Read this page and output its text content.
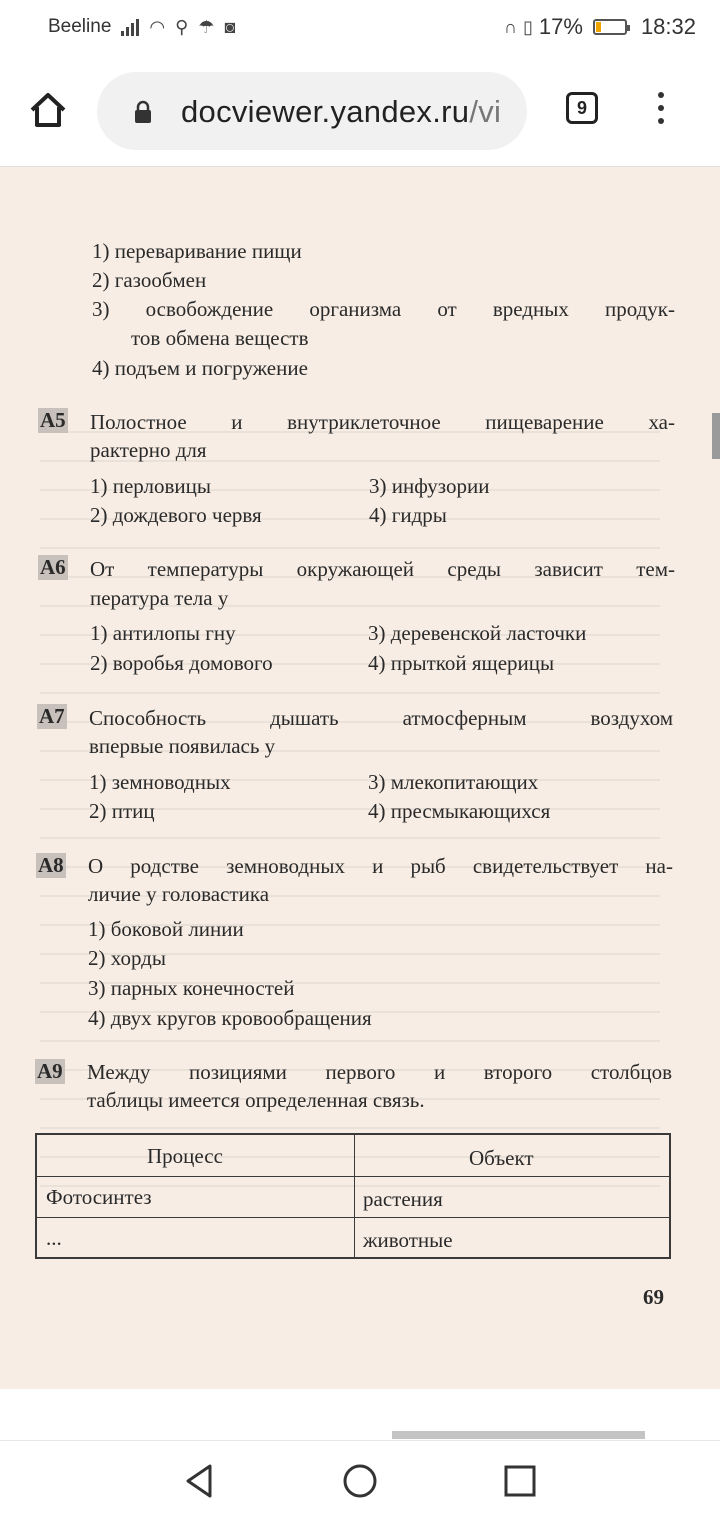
Beeline ◠ ⚲ ☂ ◙	∩ ▯ 17%	18:32
docviewer.yandex.ru/vi	9
1) переваривание пищи
2) газообмен
3) освобождение организма от вредных продук-
тов обмена веществ
4) подъем и погружение
А5 Полостное и внутриклеточное пищеварение ха-
рактерно для
1) перловицы	3) инфузории
2) дождевого червя	4) гидры
А6 От температуры окружающей среды зависит тем-
пература тела у
1) антилопы гну	3) деревенской ласточки
2) воробья домового	4) прыткой ящерицы
А7 Способность дышать атмосферным воздухом
впервые появилась у
1) земноводных	3) млекопитающих
2) птиц	4) пресмыкающихся
А8 О родстве земноводных и рыб свидетельствует на-
личие у головастика
1) боковой линии
2) хорды
3) парных конечностей
4) двух кругов кровообращения
А9 Между позициями первого и второго столбцов
таблицы имеется определенная связь.
Процесс	Объект
Фотосинтез	растения
...	животные
69
